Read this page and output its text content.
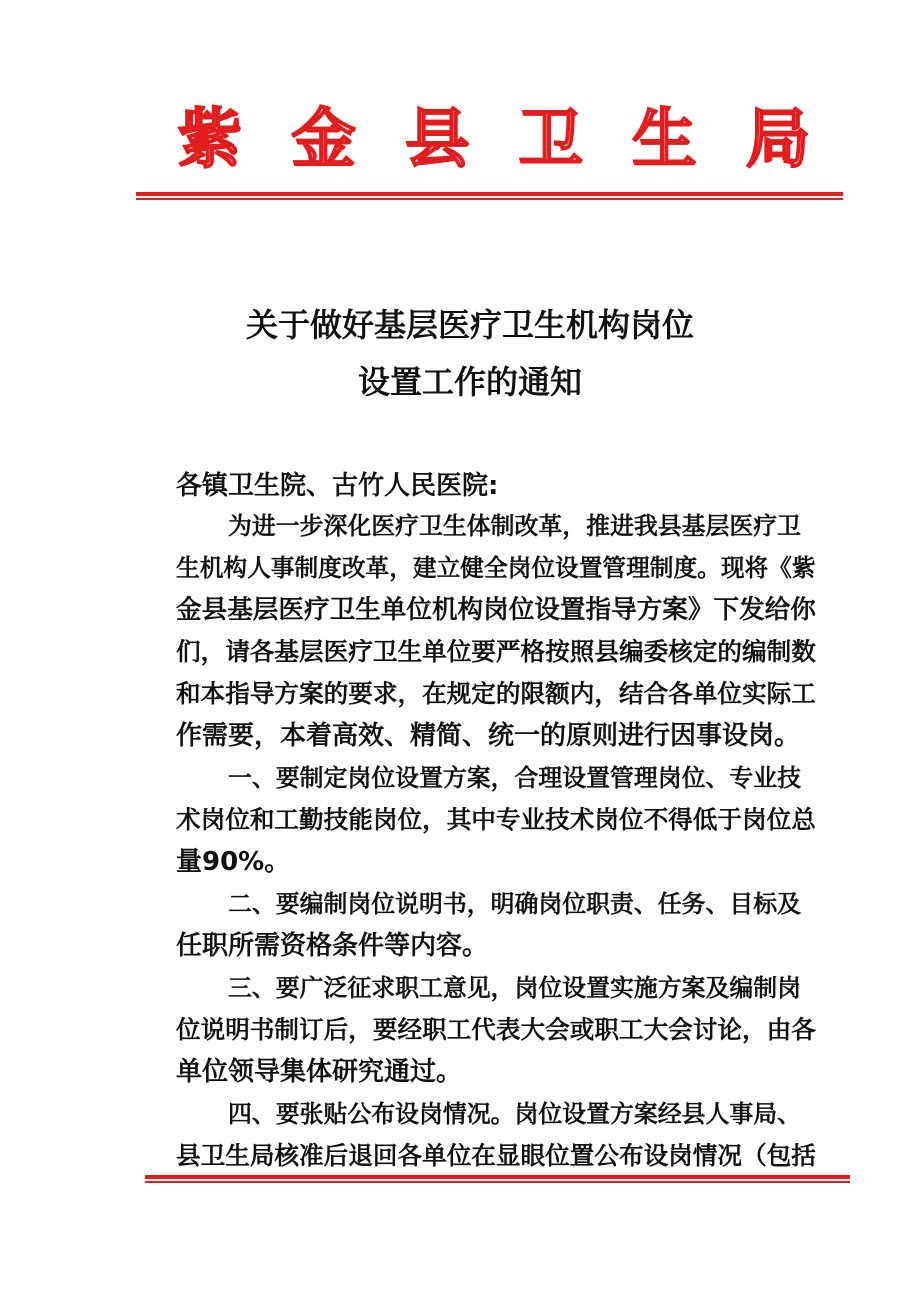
紫 金 县 卫 生 局
关于做好基层医疗卫生机构岗位
设置工作的通知
各镇卫生院、古竹人民医院:
为进一步深化医疗卫生体制改革，推进我县基层医疗卫
生机构人事制度改革，建立健全岗位设置管理制度。现将《紫
金县基层医疗卫生单位机构岗位设置指导方案》下发给你
们，请各基层医疗卫生单位要严格按照县编委核定的编制数
和本指导方案的要求，在规定的限额内，结合各单位实际工
作需要，本着高效、精简、统一的原则进行因事设岗。
一、要制定岗位设置方案，合理设置管理岗位、专业技
术岗位和工勤技能岗位，其中专业技术岗位不得低于岗位总
量90%。
二、要编制岗位说明书，明确岗位职责、任务、目标及
任职所需资格条件等内容。
三、要广泛征求职工意见，岗位设置实施方案及编制岗
位说明书制订后，要经职工代表大会或职工大会讨论，由各
单位领导集体研究通过。
四、要张贴公布设岗情况。岗位设置方案经县人事局、
县卫生局核准后退回各单位在显眼位置公布设岗情况（包括
